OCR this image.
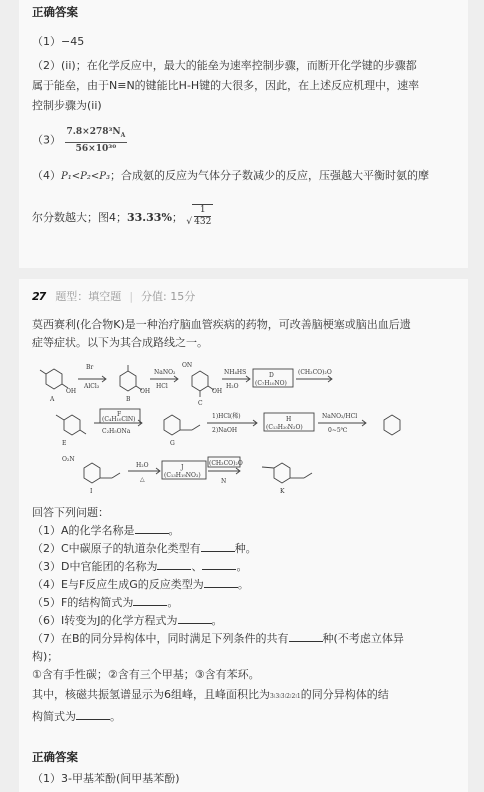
正确答案
（1）−45
（2）(ii)；在化学反应中，最大的能垒为速率控制步骤，而断开化学键的步骤都
属于能垒，由于N≡N的键能比H-H键的大很多，因此，在上述反应机理中，速率
控制步骤为(ii)
$(3) \frac{7.8\times 278^3N_A}{\text{56×10³⁰}}$
（4）P₁<P₂<P₃；合成氨的反应为气体分子数减少的反应，压强越大平衡时氨的摩
尔分数越大；图4；33.33%； √ $\frac{1}{432}$
27 题型：填空题 | 分值: 15分
莫西赛利(化合物K)是一种治疗脑血管疾病的药物，可改善脑梗塞或脑出血后遗
症等症状。以下为其合成路线之一。
A
OH
Br
AlCl₃
B
OH
NaNO₂
HCl
ON
C
OH
NH₄HS
H₂O
D
(C₇H₁₀NO)
(CH₃CO)₂O
E
F
(C₄H₁₀ClN)
C₂H₅ONa
G
1)HCl(稀)
2)NaOH
H
(C₁₃H₂₀N₂O)
NaNO₂/HCl
0~5℃
O₂N
I
H₂O
△
J
(C₁₃H₁₉NO₂)
(CH₃CO)₂O
N
K
回答下列问题：
（1）A的化学名称是	。
（2）C中碳原子的轨道杂化类型有	种。
（3）D中官能团的名称为	、	。
（4）E与F反应生成G的反应类型为	。
（5）F的结构简式为	。
（6）I转变为J的化学方程式为	。
（7）在B的同分异构体中，同时满足下列条件的共有	种(不考虑立体异
构)；
①含有手性碳；②含有三个甲基；③含有苯环。
其中，核磁共振氢谱显示为6组峰，且峰面积比为3∶3∶3∶2∶2∶1的同分异构体的结
构简式为	。
正确答案
（1）3-甲基苯酚(间甲基苯酚)
